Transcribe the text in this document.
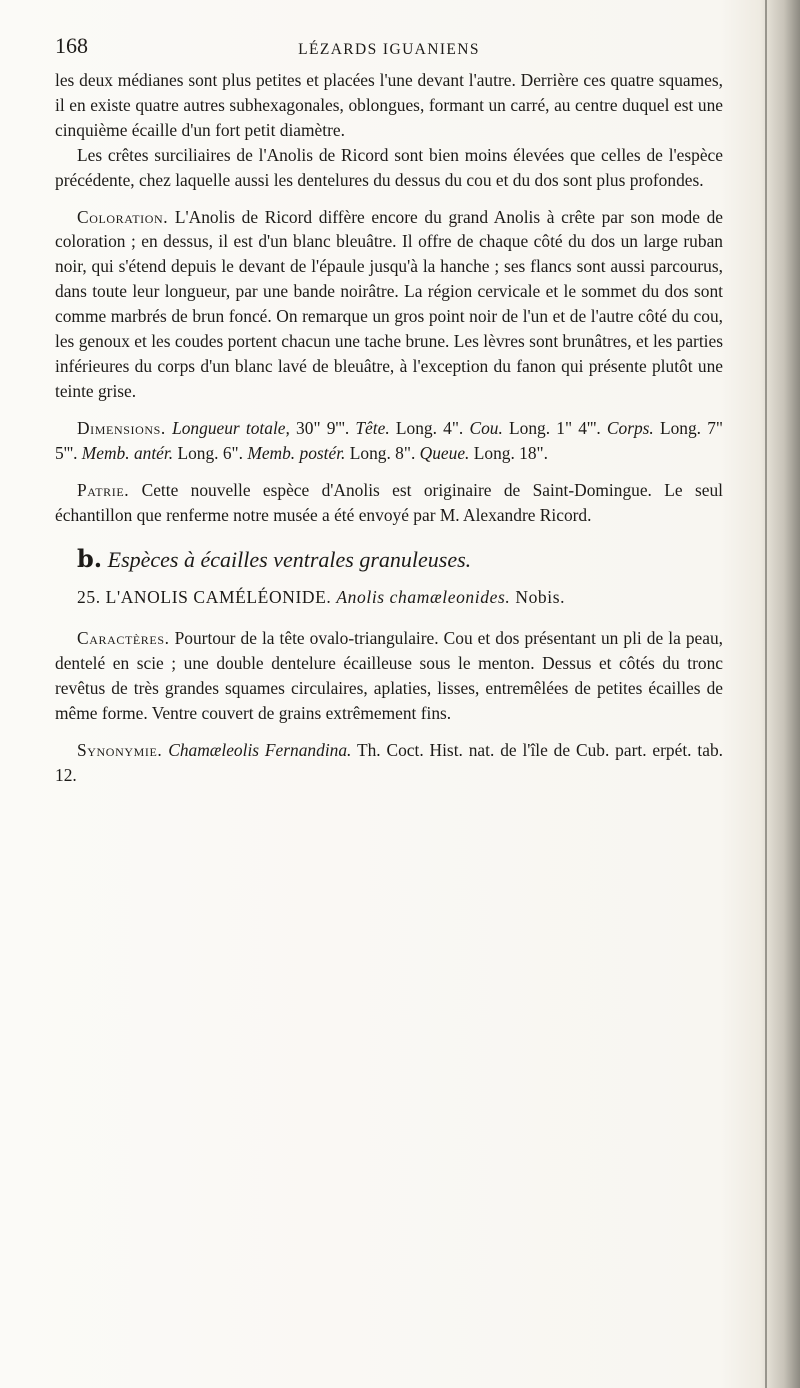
168	LÉZARDS IGUANIENS

les deux médianes sont plus petites et placées l'une devant l'autre. Derrière ces quatre squames, il en existe quatre autres subhexagonales, oblongues, formant un carré, au centre duquel est une cinquième écaille d'un fort petit diamètre.

Les crêtes surciliaires de l'Anolis de Ricord sont bien moins élevées que celles de l'espèce précédente, chez laquelle aussi les dentelures du dessus du cou et du dos sont plus profondes.

Coloration. L'Anolis de Ricord diffère encore du grand Anolis à crête par son mode de coloration ; en dessus, il est d'un blanc bleuâtre. Il offre de chaque côté du dos un large ruban noir, qui s'étend depuis le devant de l'épaule jusqu'à la hanche ; ses flancs sont aussi parcourus, dans toute leur longueur, par une bande noirâtre. La région cervicale et le sommet du dos sont comme marbrés de brun foncé. On remarque un gros point noir de l'un et de l'autre côté du cou, les genoux et les coudes portent chacun une tache brune. Les lèvres sont brunâtres, et les parties inférieures du corps d'un blanc lavé de bleuâtre, à l'exception du fanon qui présente plutôt une teinte grise.

Dimensions. Longueur totale, 30" 9'''. Tête. Long. 4". Cou. Long. 1" 4'''. Corps. Long. 7" 5'''. Memb. antér. Long. 6". Memb. postér. Long. 8". Queue. Long. 18".

Patrie. Cette nouvelle espèce d'Anolis est originaire de Saint-Domingue. Le seul échantillon que renferme notre musée a été envoyé par M. Alexandre Ricord.

b. Espèces à écailles ventrales granuleuses.
25. L'ANOLIS CAMÉLÉONIDE. Anolis chamæleonides. Nobis.

Caractères. Pourtour de la tête ovalo-triangulaire. Cou et dos présentant un pli de la peau, dentelé en scie ; une double dentelure écailleuse sous le menton. Dessus et côtés du tronc revêtus de très grandes squames circulaires, aplaties, lisses, entremêlées de petites écailles de même forme. Ventre couvert de grains extrêmement fins.

Synonymie. Chamæleolis Fernandina. Th. Coct. Hist. nat. de l'île de Cub. part. erpét. tab. 12.
